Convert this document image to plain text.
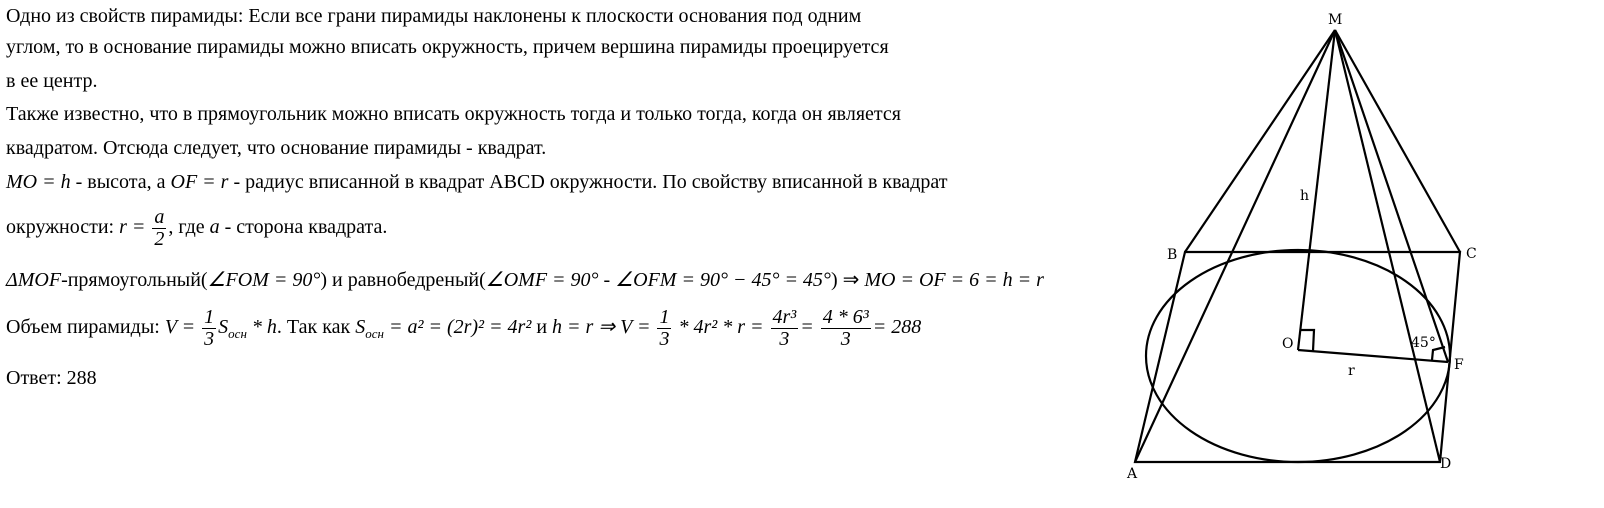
Одно из свойств пирамиды: Если все грани пирамиды наклонены к плоскости основания под одним
углом, то в основание пирамиды можно вписать окружность, причем вершина пирамиды проецируется
в ее центр.
Также известно, что в прямоугольник можно вписать окружность тогда и только тогда, когда он является
квадратом. Отсюда следует, что основание пирамиды - квадрат.
MO = h - высота, а OF = r - радиус вписанной в квадрат ABCD окружности. По свойству вписанной в квадрат
окружности: $r = \frac{a}{2}$ , где a - сторона квадрата.
ΔMOF-прямоугольный(∠FOM = 90°) и равнобедреный(∠OMF = 90° - ∠OFM = 90° − 45° = 45°) ⇒ MO = OF = 6 = h = r
Объем пирамиды: $V = \frac{1}{3} S_{осн} * h$. Так как $S_{осн} = a^2 = (2r)^2 = 4r^2$ и h = r ⇒ $V = \frac{1}{3} * 4r^2 * r = \frac{\text{4r³}}{3} = \frac{\text{4 * 6³}}{3} = 288$
Ответ: 288
M
B	C
A
D
O
F
h
r
45°
